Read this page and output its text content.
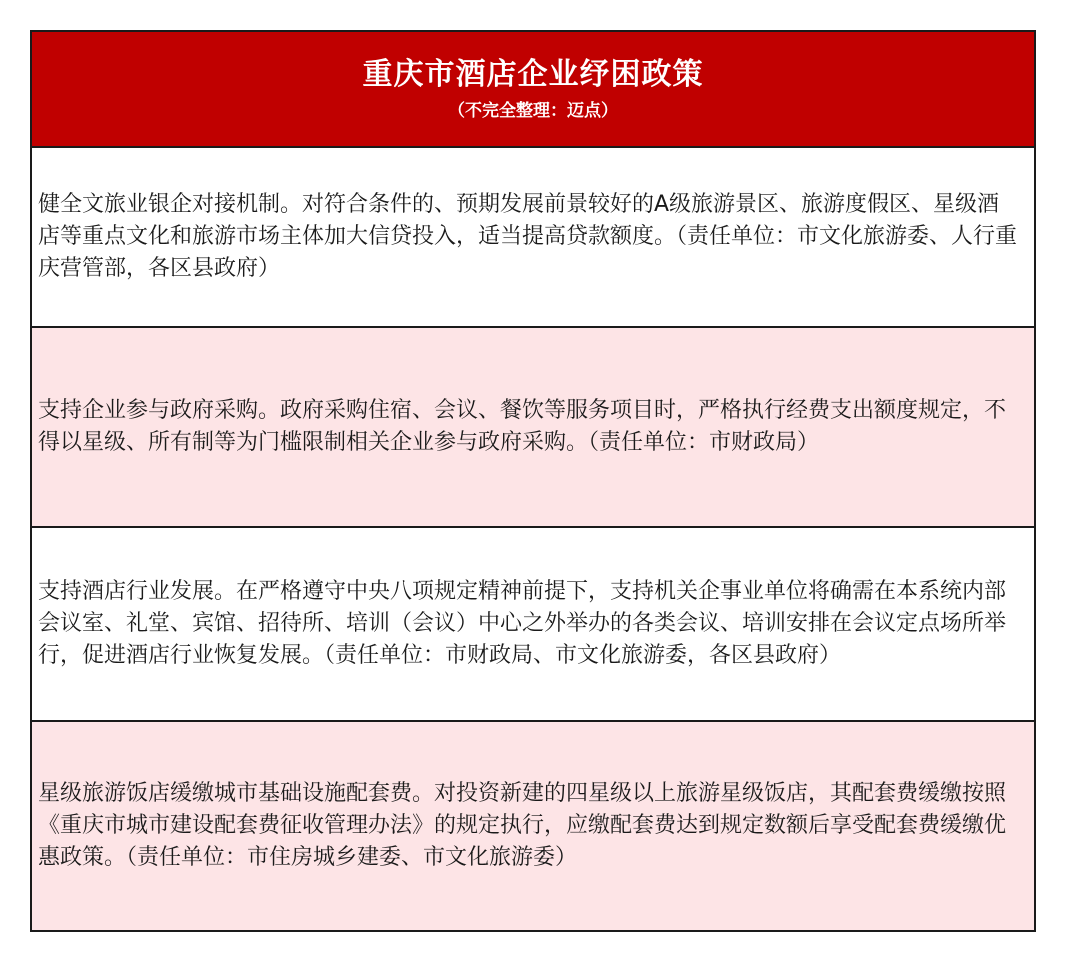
重庆市酒店企业纾困政策
（不完全整理：迈点）

健全文旅业银企对接机制。对符合条件的、预期发展前景较好的A级旅游景区、旅游度假区、星级酒店等重点文化和旅游市场主体加大信贷投入，适当提高贷款额度。（责任单位：市文化旅游委、人行重庆营管部，各区县政府）

支持企业参与政府采购。政府采购住宿、会议、餐饮等服务项目时，严格执行经费支出额度规定，不得以星级、所有制等为门槛限制相关企业参与政府采购。（责任单位：市财政局）

支持酒店行业发展。在严格遵守中央八项规定精神前提下，支持机关企事业单位将确需在本系统内部会议室、礼堂、宾馆、招待所、培训（会议）中心之外举办的各类会议、培训安排在会议定点场所举行，促进酒店行业恢复发展。（责任单位：市财政局、市文化旅游委，各区县政府）

星级旅游饭店缓缴城市基础设施配套费。对投资新建的四星级以上旅游星级饭店，其配套费缓缴按照《重庆市城市建设配套费征收管理办法》的规定执行，应缴配套费达到规定数额后享受配套费缓缴优惠政策。（责任单位：市住房城乡建委、市文化旅游委）
